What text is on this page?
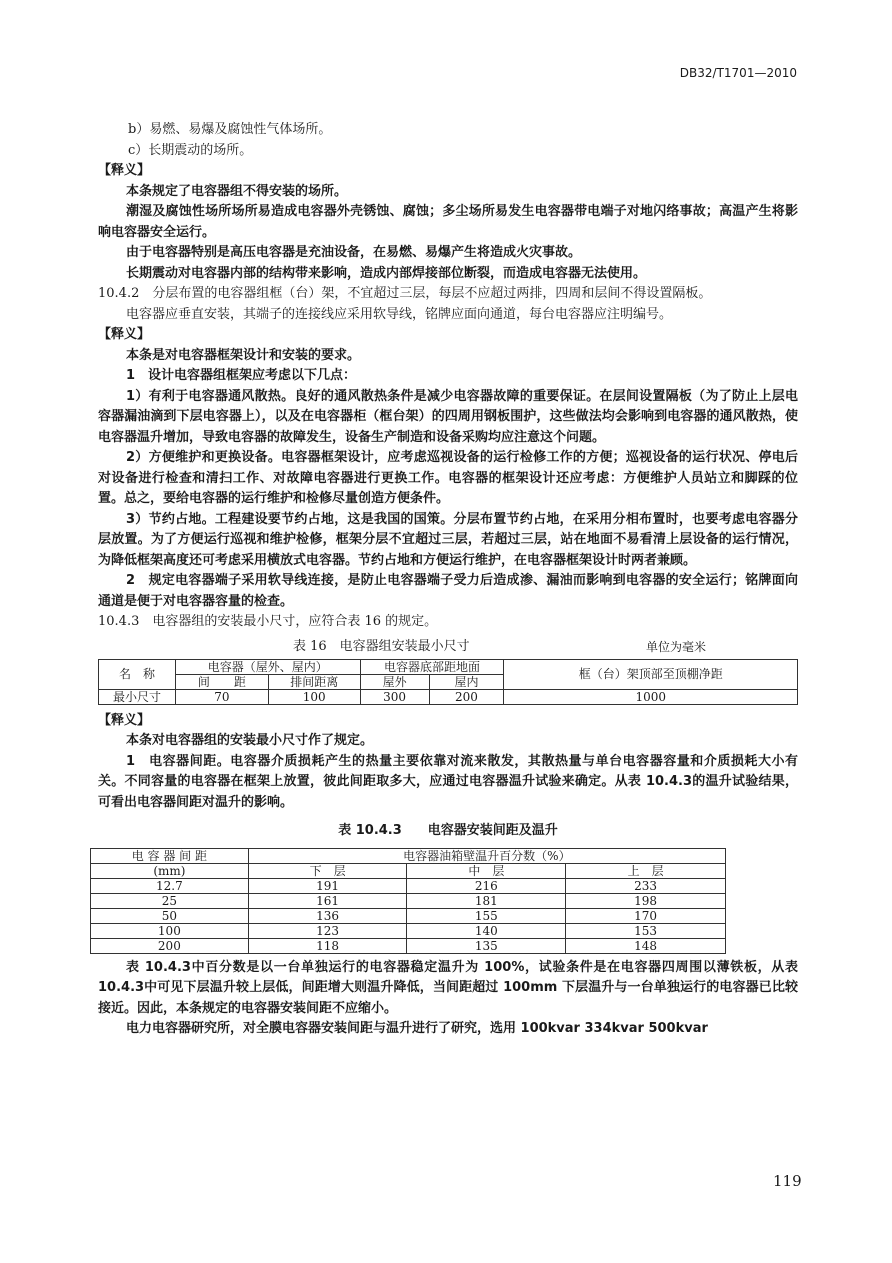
DB32/T1701—2010
b）易燃、易爆及腐蚀性气体场所。
c）长期震动的场所。
【释义】
本条规定了电容器组不得安装的场所。
潮湿及腐蚀性场所场所易造成电容器外壳锈蚀、腐蚀；多尘场所易发生电容器带电端子对地闪络事故；高温产生将影响电容器安全运行。
由于电容器特别是高压电容器是充油设备，在易燃、易爆产生将造成火灾事故。
长期震动对电容器内部的结构带来影响，造成内部焊接部位断裂，而造成电容器无法使用。
10.4.2　分层布置的电容器组框（台）架，不宜超过三层，每层不应超过两排，四周和层间不得设置隔板。
电容器应垂直安装，其端子的连接线应采用软导线，铭牌应面向通道，每台电容器应注明编号。
【释义】
本条是对电容器框架设计和安装的要求。
1　设计电容器组框架应考虑以下几点：
1）有利于电容器通风散热。良好的通风散热条件是减少电容器故障的重要保证。在层间设置隔板（为了防止上层电容器漏油滴到下层电容器上），以及在电容器柜（框台架）的四周用钢板围护，这些做法均会影响到电容器的通风散热，使电容器温升增加，导致电容器的故障发生，设备生产制造和设备采购均应注意这个问题。
2）方便维护和更换设备。电容器框架设计，应考虑巡视设备的运行检修工作的方便；巡视设备的运行状况、停电后对设备进行检查和清扫工作、对故障电容器进行更换工作。电容器的框架设计还应考虑：方便维护人员站立和脚踩的位置。总之，要给电容器的运行维护和检修尽量创造方便条件。
3）节约占地。工程建设要节约占地，这是我国的国策。分层布置节约占地，在采用分相布置时，也要考虑电容器分层放置。为了方便运行巡视和维护检修，框架分层不宜超过三层，若超过三层，站在地面不易看清上层设备的运行情况，为降低框架高度还可考虑采用横放式电容器。节约占地和方便运行维护，在电容器框架设计时两者兼顾。
2　规定电容器端子采用软导线连接，是防止电容器端子受力后造成渗、漏油而影响到电容器的安全运行；铭牌面向通道是便于对电容器容量的检查。
10.4.3　电容器组的安装最小尺寸，应符合表 16 的规定。
表 16　电容器组安装最小尺寸	单位为毫米
名　称	电容器（屋外、屋内）		电容器底部距地面		框（台）架顶部至顶棚净距
	间　　距	排间距离	屋外	屋内	
最小尺寸	70	100	300	200	1000
【释义】
本条对电容器组的安装最小尺寸作了规定。
1　电容器间距。电容器介质损耗产生的热量主要依靠对流来散发，其散热量与单台电容器容量和介质损耗大小有关。不同容量的电容器在框架上放置，彼此间距取多大，应通过电容器温升试验来确定。从表 10.4.3的温升试验结果，可看出电容器间距对温升的影响。
表 10.4.3　　电容器安装间距及温升
电 容 器 间 距	电容器油箱壁温升百分数（%）		
(mm)	下　层	中　层	上　层
12.7	191	216	233
25	161	181	198
50	136	155	170
100	123	140	153
200	118	135	148
表 10.4.3中百分数是以一台单独运行的电容器稳定温升为 100%，试验条件是在电容器四周围以薄铁板，从表 10.4.3中可见下层温升较上层低，间距增大则温升降低，当间距超过 100mm 下层温升与一台单独运行的电容器已比较接近。因此，本条规定的电容器安装间距不应缩小。
电力电容器研究所，对全膜电容器安装间距与温升进行了研究，选用 100kvar 334kvar 500kvar
119
